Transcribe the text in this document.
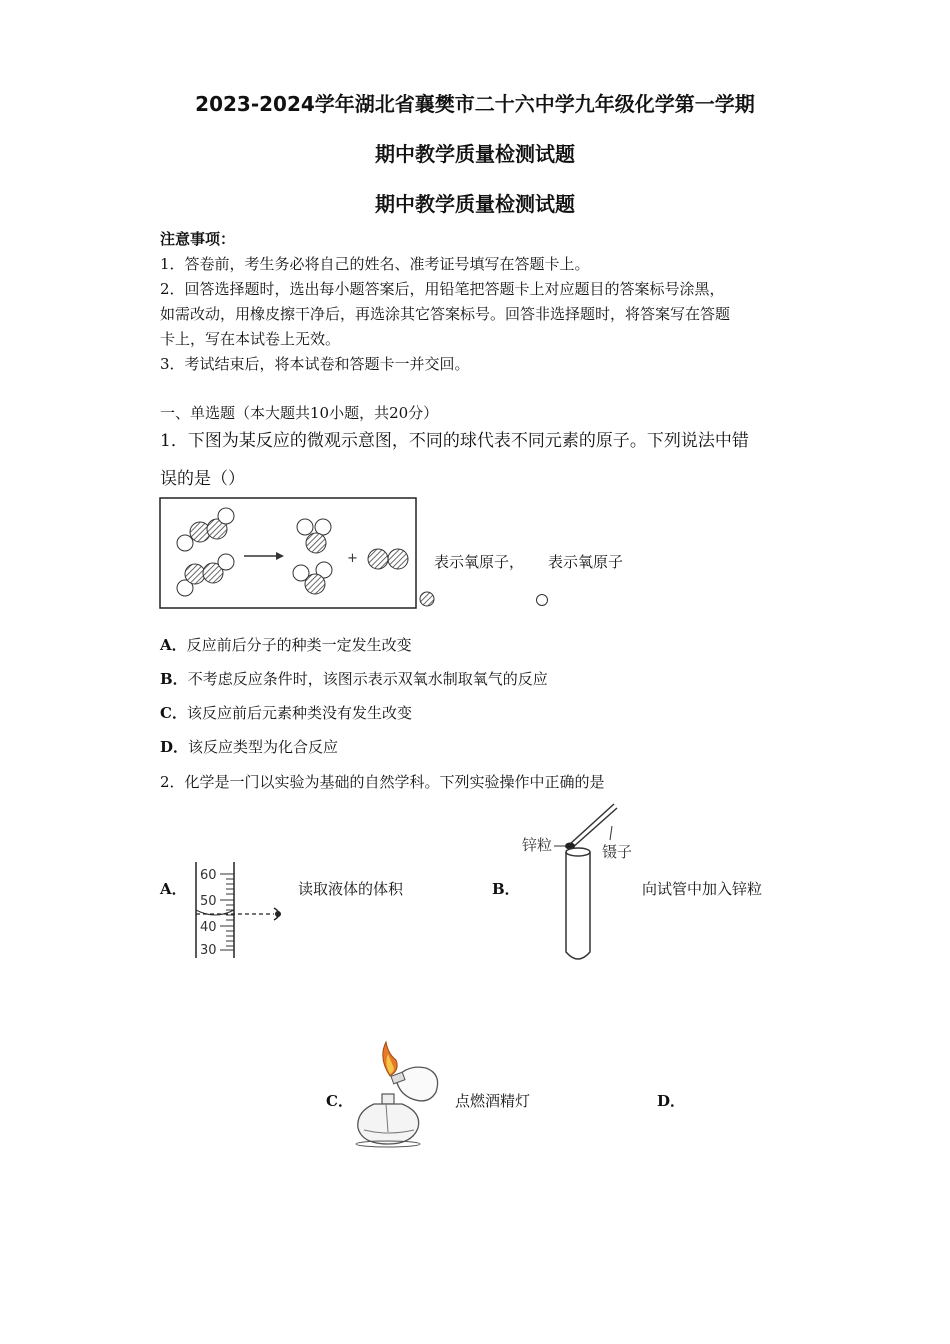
2023-2024学年湖北省襄樊市二十六中学九年级化学第一学期
期中教学质量检测试题
期中教学质量检测试题
注意事项：
1．答卷前，考生务必将自己的姓名、准考证号填写在答题卡上。
2．回答选择题时，选出每小题答案后，用铅笔把答题卡上对应题目的答案标号涂黑，
如需改动，用橡皮擦干净后，再选涂其它答案标号。回答非选择题时，将答案写在答题
卡上，写在本试卷上无效。
3．考试结束后，将本试卷和答题卡一并交回。
一、单选题（本大题共10小题，共20分）
1．下图为某反应的微观示意图，不同的球代表不同元素的原子。下列说法中错
误的是（）
+	表示氧原子， 表示氧原子
A．反应前后分子的种类一定发生改变
B．不考虑反应条件时，该图示表示双氧水制取氧气的反应
C．该反应前后元素种类没有发生改变
D．该反应类型为化合反应
2．化学是一门以实验为基础的自然学科。下列实验操作中正确的是
A．
60
50
40
30
读取液体的体积	B．
锌粒	镊子
向试管中加入锌粒
C．	点燃酒精灯	D．
